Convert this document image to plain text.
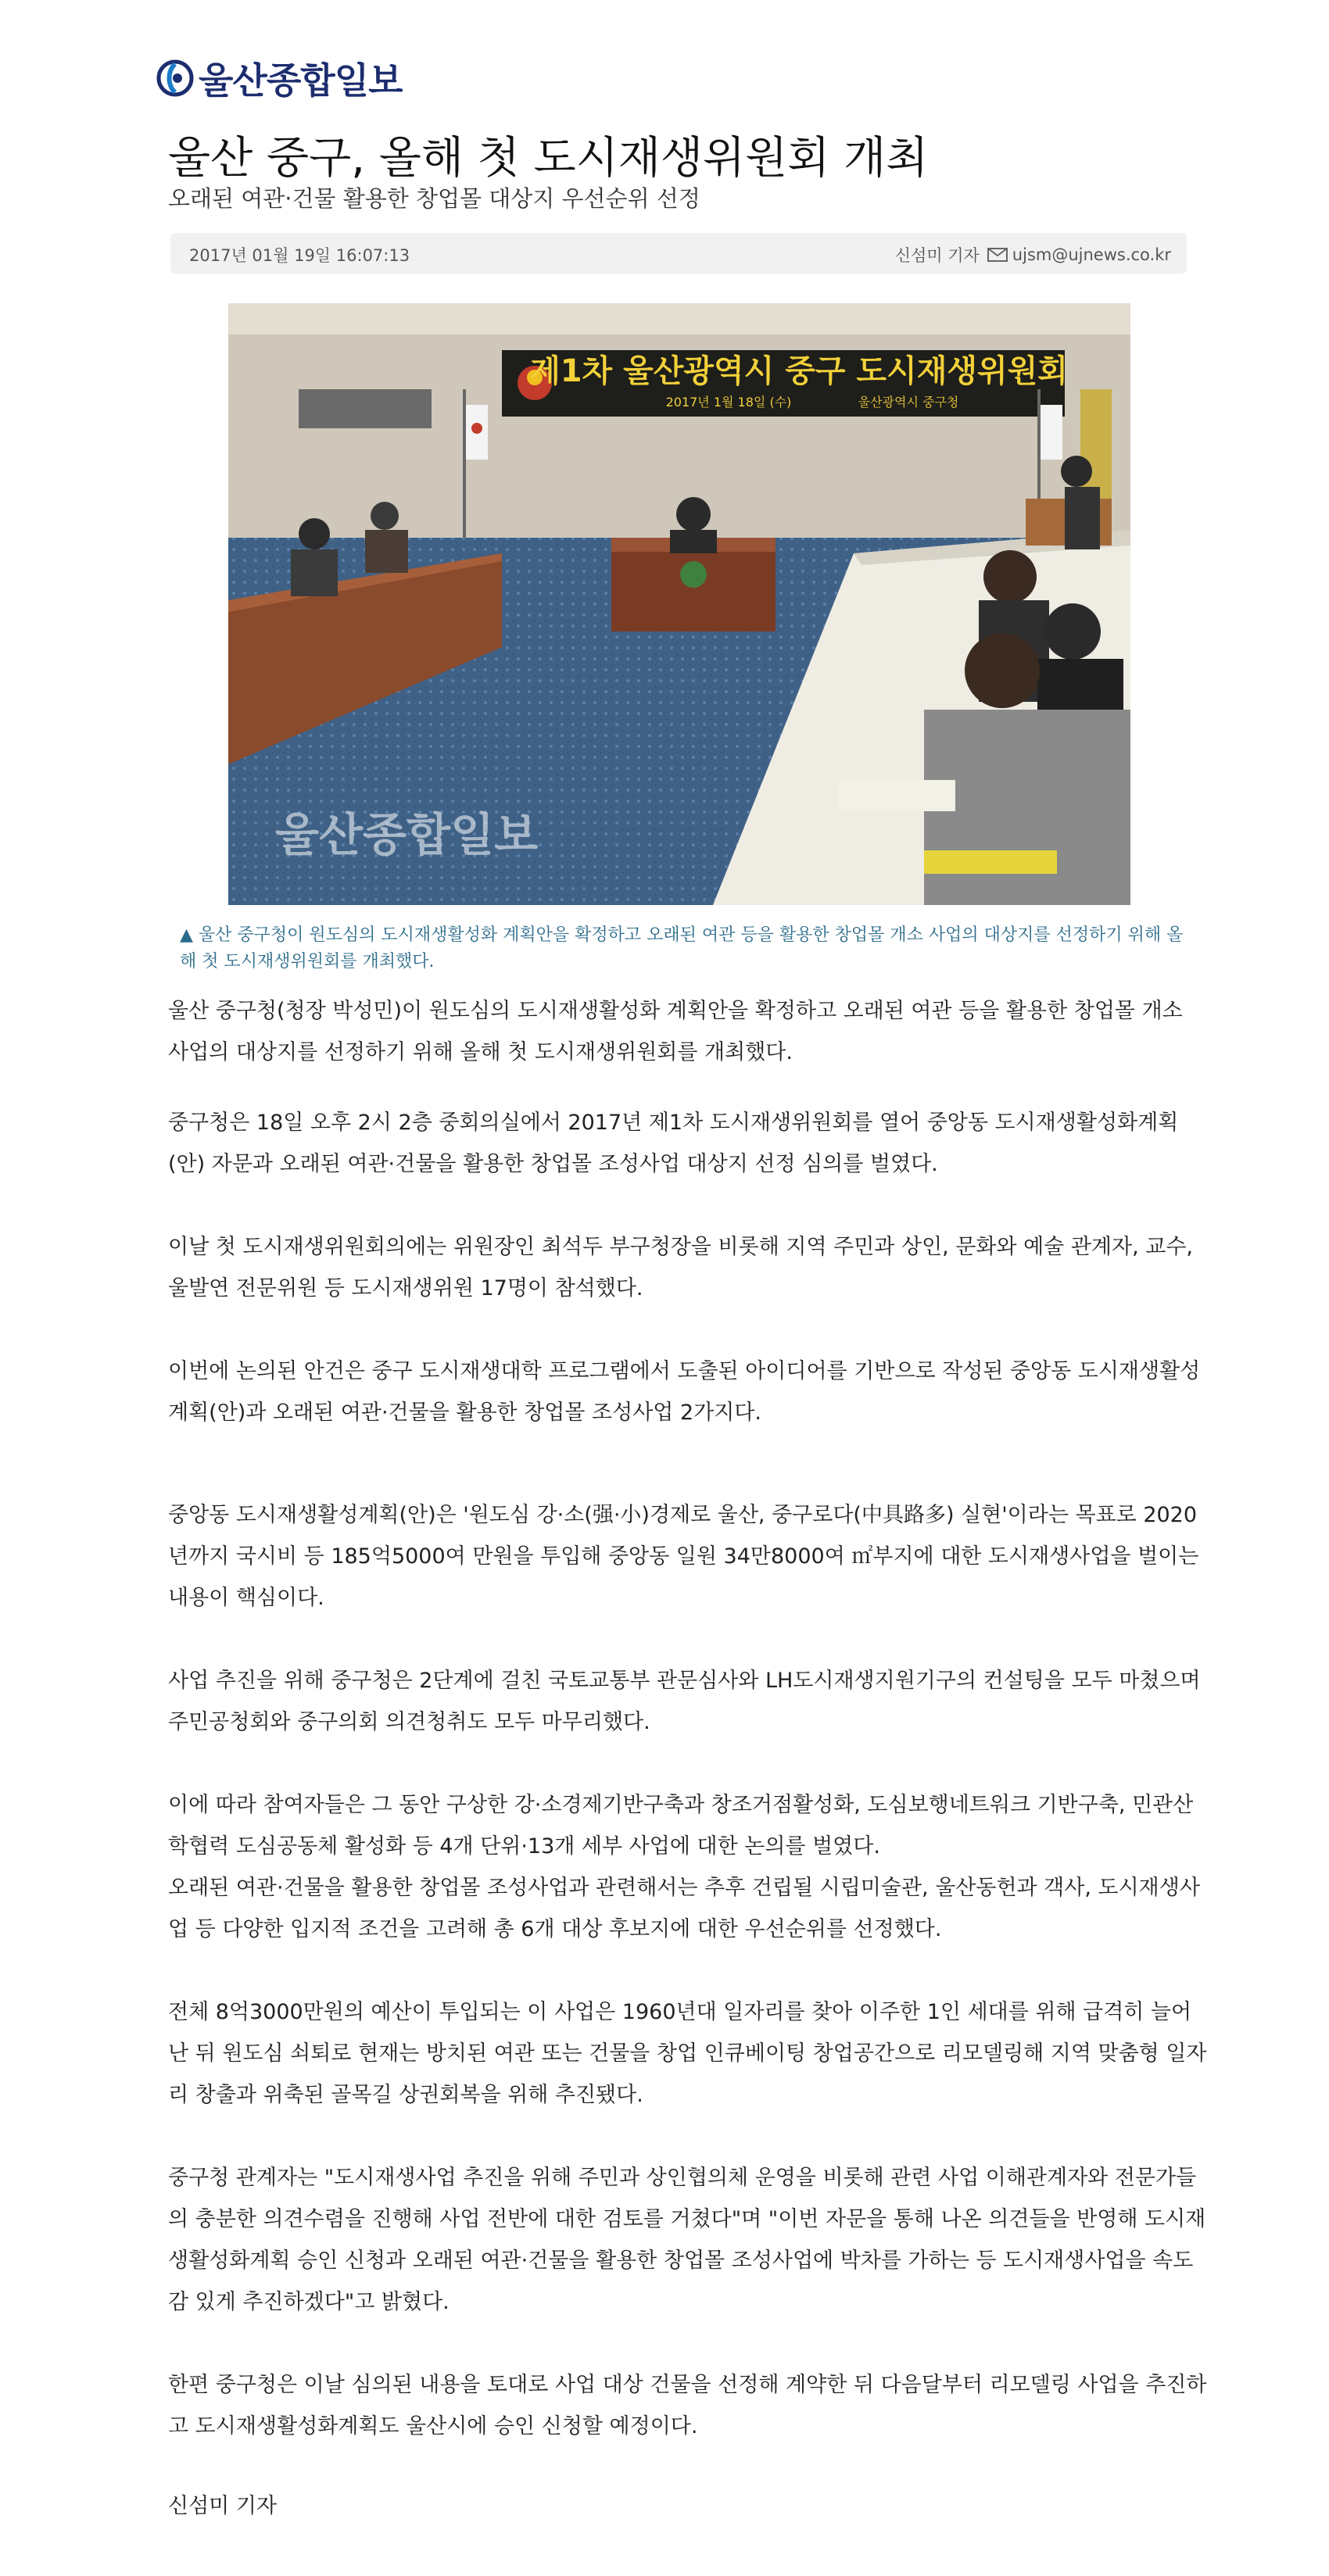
울산종합일보
울산 중구, 올해 첫 도시재생위원회 개최
오래된 여관·건물 활용한 창업몰 대상지 우선순위 선정
2017년 01월 19일 16:07:13	신섬미 기자 ujsm@ujnews.co.kr
제1차 울산광역시 중구 도시재생위원회
2017년 1월 18일 (수)	울산광역시 중구청
울산종합일보
▲ 울산 중구청이 원도심의 도시재생활성화 계획안을 확정하고 오래된 여관 등을 활용한 창업몰 개소 사업의 대상지를 선정하기 위해 올해 첫 도시재생위원회를 개최했다.

울산 중구청(청장 박성민)이 원도심의 도시재생활성화 계획안을 확정하고 오래된 여관 등을 활용한 창업몰 개소 사업의 대상지를 선정하기 위해 올해 첫 도시재생위원회를 개최했다.

중구청은 18일 오후 2시 2층 중회의실에서 2017년 제1차 도시재생위원회를 열어 중앙동 도시재생활성화계획(안) 자문과 오래된 여관·건물을 활용한 창업몰 조성사업 대상지 선정 심의를 벌였다.

이날 첫 도시재생위원회의에는 위원장인 최석두 부구청장을 비롯해 지역 주민과 상인, 문화와 예술 관계자, 교수, 울발연 전문위원 등 도시재생위원 17명이 참석했다.

이번에 논의된 안건은 중구 도시재생대학 프로그램에서 도출된 아이디어를 기반으로 작성된 중앙동 도시재생활성계획(안)과 오래된 여관·건물을 활용한 창업몰 조성사업 2가지다.

중앙동 도시재생활성계획(안)은 '원도심 강·소(强·小)경제로 울산, 중구로다(中具路多) 실현'이라는 목표로 2020년까지 국시비 등 185억5000여 만원을 투입해 중앙동 일원 34만8000여 ㎡부지에 대한 도시재생사업을 벌이는 내용이 핵심이다.

사업 추진을 위해 중구청은 2단계에 걸친 국토교통부 관문심사와 LH도시재생지원기구의 컨설팅을 모두 마쳤으며 주민공청회와 중구의회 의견청취도 모두 마무리했다.

이에 따라 참여자들은 그 동안 구상한 강·소경제기반구축과 창조거점활성화, 도심보행네트워크 기반구축, 민관산학협력 도심공동체 활성화 등 4개 단위·13개 세부 사업에 대한 논의를 벌였다.

오래된 여관·건물을 활용한 창업몰 조성사업과 관련해서는 추후 건립될 시립미술관, 울산동헌과 객사, 도시재생사업 등 다양한 입지적 조건을 고려해 총 6개 대상 후보지에 대한 우선순위를 선정했다.

전체 8억3000만원의 예산이 투입되는 이 사업은 1960년대 일자리를 찾아 이주한 1인 세대를 위해 급격히 늘어난 뒤 원도심 쇠퇴로 현재는 방치된 여관 또는 건물을 창업 인큐베이팅 창업공간으로 리모델링해 지역 맞춤형 일자리 창출과 위축된 골목길 상권회복을 위해 추진됐다.

중구청 관계자는 "도시재생사업 추진을 위해 주민과 상인협의체 운영을 비롯해 관련 사업 이해관계자와 전문가들의 충분한 의견수렴을 진행해 사업 전반에 대한 검토를 거쳤다"며 "이번 자문을 통해 나온 의견들을 반영해 도시재생활성화계획 승인 신청과 오래된 여관·건물을 활용한 창업몰 조성사업에 박차를 가하는 등 도시재생사업을 속도감 있게 추진하겠다"고 밝혔다.

한편 중구청은 이날 심의된 내용을 토대로 사업 대상 건물을 선정해 계약한 뒤 다음달부터 리모델링 사업을 추진하고 도시재생활성화계획도 울산시에 승인 신청할 예정이다.

신섬미 기자
